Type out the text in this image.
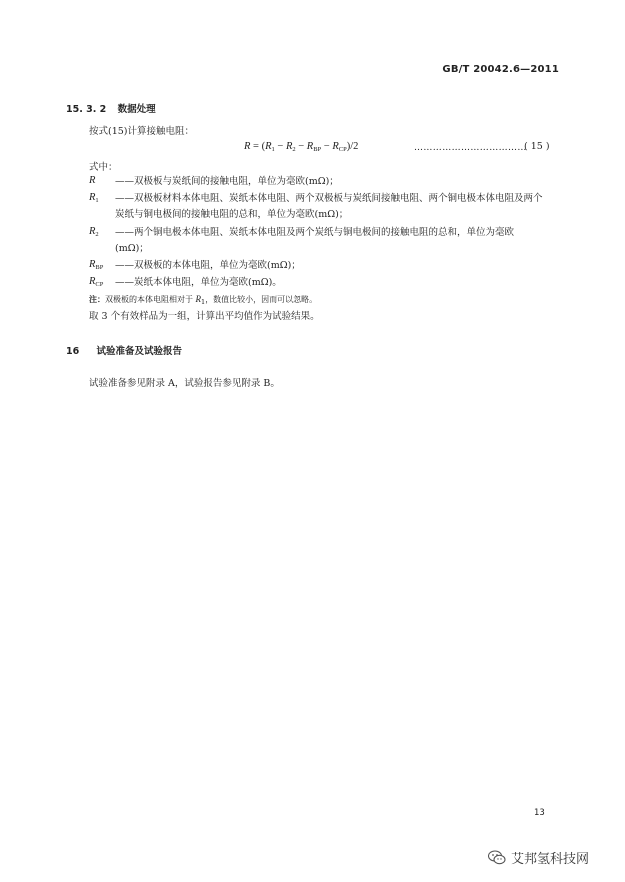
GB/T 20042.6—2011
15. 3. 2 数据处理
按式(15)计算接触电阻：
$R = (R_1 - R_2 - R_{BP} - R_{CP})/2$	………………………………
( 15 )
式中：
R ——双极板与炭纸间的接触电阻，单位为毫欧(mΩ)；
$R_1$ ——双极板材料本体电阻、炭纸本体电阻、两个双极板与炭纸间接触电阻、两个铜电极本体电阻及两个炭纸与铜电极间的接触电阻的总和，单位为毫欧(mΩ)；
$R_2$ ——两个铜电极本体电阻、炭纸本体电阻及两个炭纸与铜电极间的接触电阻的总和，单位为毫欧(mΩ)；
$R_{BP}$ ——双极板的本体电阻，单位为毫欧(mΩ)；
$R_{CP}$ ——炭纸本体电阻，单位为毫欧(mΩ)。
注：双极板的本体电阻相对于 $R_1$，数值比较小，因而可以忽略。
取 3 个有效样品为一组，计算出平均值作为试验结果。
16 试验准备及试验报告
试验准备参见附录 A，试验报告参见附录 B。
13
艾邦氢科技网
